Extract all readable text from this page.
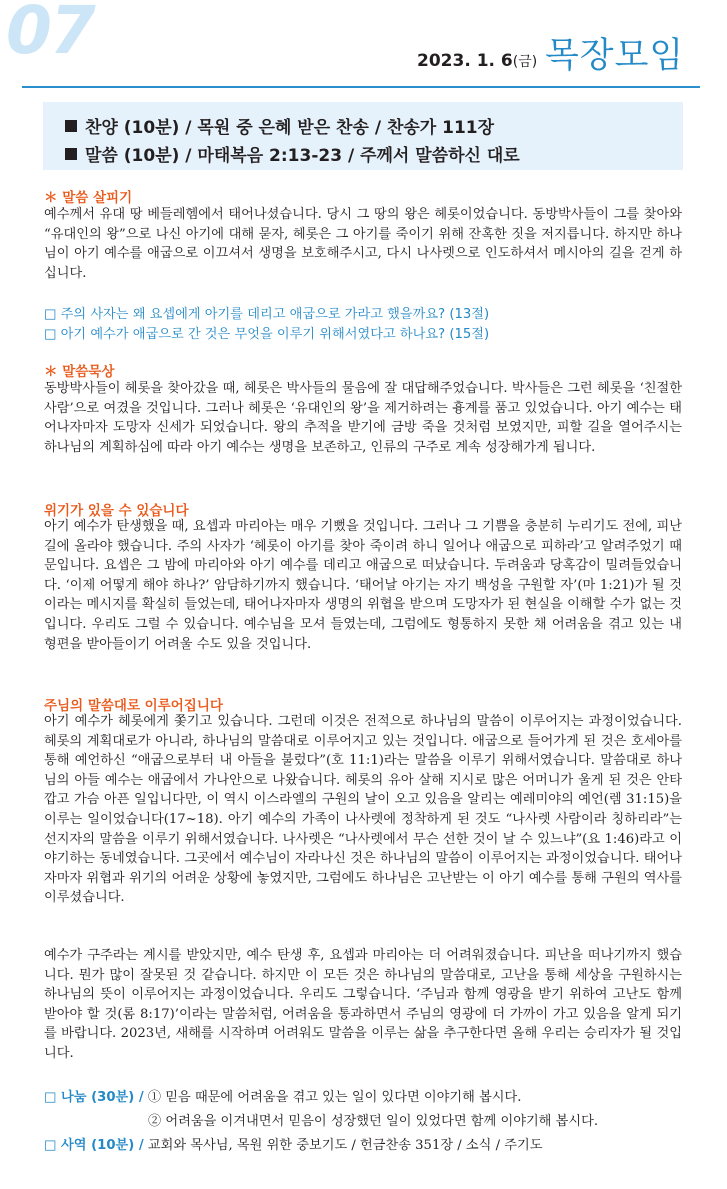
07	2023. 1. 6(금) 목장모임
찬양 (10분) / 목원 중 은혜 받은 찬송 / 찬송가 111장
말씀 (10분) / 마태복음 2:13-23 / 주께서 말씀하신 대로
＊ 말씀 살피기

예수께서 유대 땅 베들레헴에서 태어나셨습니다. 당시 그 땅의 왕은 헤롯이었습니다. 동방박사들이 그를 찾아와 “유대인의 왕”으로 나신 아기에 대해 묻자, 헤롯은 그 아기를 죽이기 위해 잔혹한 짓을 저지릅니다. 하지만 하나님이 아기 예수를 애굽으로 이끄셔서 생명을 보호해주시고, 다시 나사렛으로 인도하셔서 메시아의 길을 걷게 하십니다.

□ 주의 사자는 왜 요셉에게 아기를 데리고 애굽으로 가라고 했을까요? (13절)
□ 아기 예수가 애굽으로 간 것은 무엇을 이루기 위해서였다고 하나요? (15절)
＊ 말씀묵상

동방박사들이 헤롯을 찾아갔을 때, 헤롯은 박사들의 물음에 잘 대답해주었습니다. 박사들은 그런 헤롯을 ‘친절한 사람’으로 여겼을 것입니다. 그러나 헤롯은 ‘유대인의 왕’을 제거하려는 흉계를 품고 있었습니다. 아기 예수는 태어나자마자 도망자 신세가 되었습니다. 왕의 추적을 받기에 금방 죽을 것처럼 보였지만, 피할 길을 열어주시는 하나님의 계획하심에 따라 아기 예수는 생명을 보존하고, 인류의 구주로 계속 성장해가게 됩니다.

위기가 있을 수 있습니다

아기 예수가 탄생했을 때, 요셉과 마리아는 매우 기뻤을 것입니다. 그러나 그 기쁨을 충분히 누리기도 전에, 피난길에 올라야 했습니다. 주의 사자가 ‘헤롯이 아기를 찾아 죽이려 하니 일어나 애굽으로 피하라’고 알려주었기 때문입니다. 요셉은 그 밤에 마리아와 아기 예수를 데리고 애굽으로 떠났습니다. 두려움과 당혹감이 밀려들었습니다. ‘이제 어떻게 해야 하나?’ 암담하기까지 했습니다. ‘태어날 아기는 자기 백성을 구원할 자’(마 1:21)가 될 것이라는 메시지를 확실히 들었는데, 태어나자마자 생명의 위협을 받으며 도망자가 된 현실을 이해할 수가 없는 것입니다. 우리도 그럴 수 있습니다. 예수님을 모셔 들였는데, 그럼에도 형통하지 못한 채 어려움을 겪고 있는 내 형편을 받아들이기 어려울 수도 있을 것입니다.

주님의 말씀대로 이루어집니다

아기 예수가 헤롯에게 쫓기고 있습니다. 그런데 이것은 전적으로 하나님의 말씀이 이루어지는 과정이었습니다. 헤롯의 계획대로가 아니라, 하나님의 말씀대로 이루어지고 있는 것입니다. 애굽으로 들어가게 된 것은 호세아를 통해 예언하신 “애굽으로부터 내 아들을 불렀다”(호 11:1)라는 말씀을 이루기 위해서였습니다. 말씀대로 하나님의 아들 예수는 애굽에서 가나안으로 나왔습니다. 헤롯의 유아 살해 지시로 많은 어머니가 울게 된 것은 안타깝고 가슴 아픈 일입니다만, 이 역시 이스라엘의 구원의 날이 오고 있음을 알리는 예레미야의 예언(렘 31:15)을 이루는 일이었습니다(17~18). 아기 예수의 가족이 나사렛에 정착하게 된 것도 “나사렛 사람이라 칭하리라”는 선지자의 말씀을 이루기 위해서였습니다. 나사렛은 “나사렛에서 무슨 선한 것이 날 수 있느냐”(요 1:46)라고 이야기하는 동네였습니다. 그곳에서 예수님이 자라나신 것은 하나님의 말씀이 이루어지는 과정이었습니다. 태어나자마자 위협과 위기의 어려운 상황에 놓였지만, 그럼에도 하나님은 고난받는 이 아기 예수를 통해 구원의 역사를 이루셨습니다.

예수가 구주라는 계시를 받았지만, 예수 탄생 후, 요셉과 마리아는 더 어려워졌습니다. 피난을 떠나기까지 했습니다. 뭔가 많이 잘못된 것 같습니다. 하지만 이 모든 것은 하나님의 말씀대로, 고난을 통해 세상을 구원하시는 하나님의 뜻이 이루어지는 과정이었습니다. 우리도 그렇습니다. ‘주님과 함께 영광을 받기 위하여 고난도 함께 받아야 할 것(롬 8:17)’이라는 말씀처럼, 어려움을 통과하면서 주님의 영광에 더 가까이 가고 있음을 알게 되기를 바랍니다. 2023년, 새해를 시작하며 어려워도 말씀을 이루는 삶을 추구한다면 올해 우리는 승리자가 될 것입니다.

□ 나눔 (30분) / ① 믿음 때문에 어려움을 겪고 있는 일이 있다면 이야기해 봅시다.
② 어려움을 이겨내면서 믿음이 성장했던 일이 있었다면 함께 이야기해 봅시다.
□ 사역 (10분) / 교회와 목사님, 목원 위한 중보기도 / 헌금찬송 351장 / 소식 / 주기도
